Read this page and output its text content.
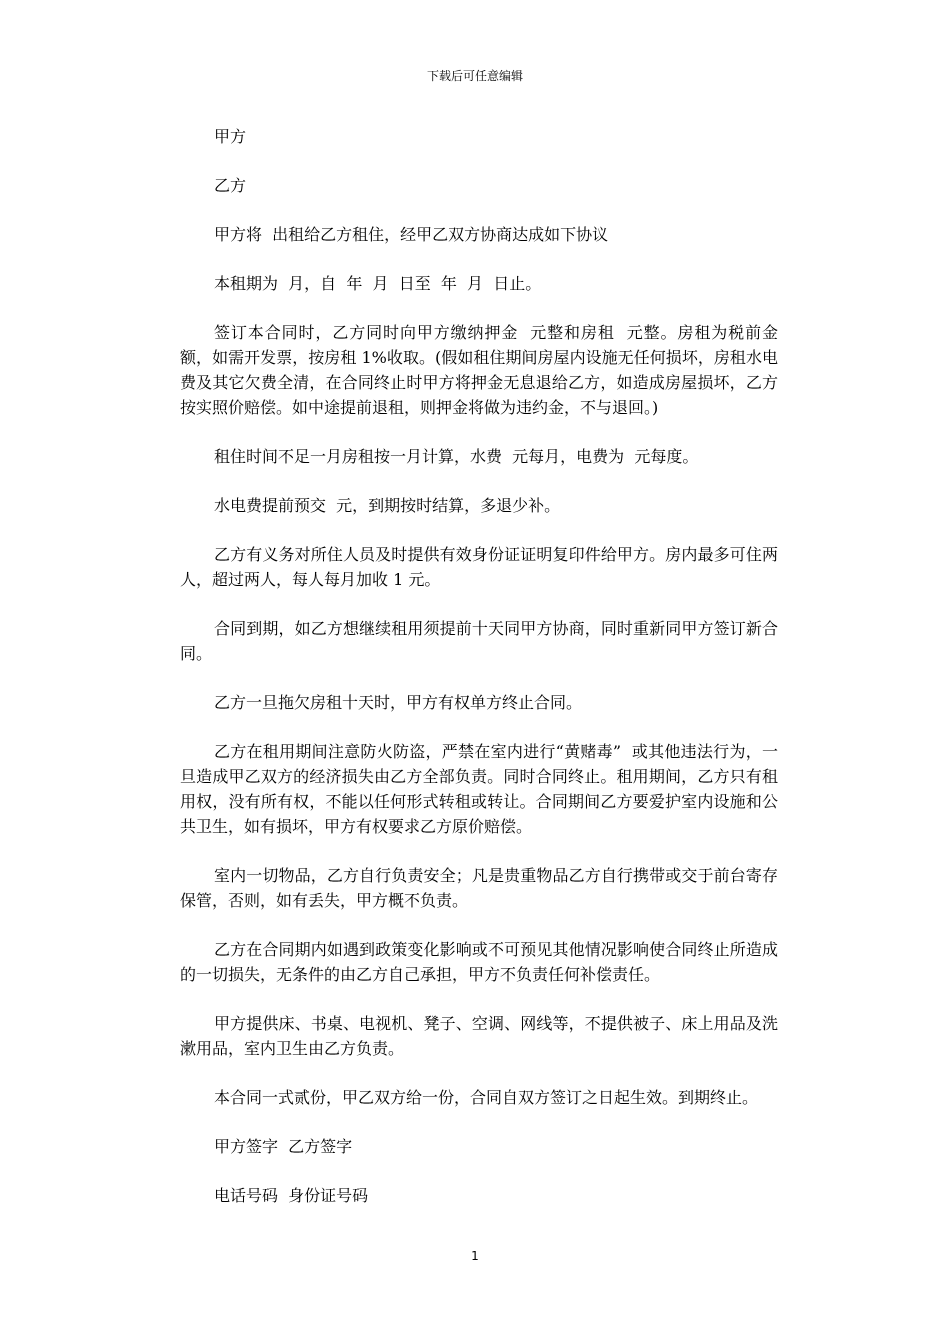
下载后可任意编辑

甲方

乙方

甲方将  出租给乙方租住，经甲乙双方协商达成如下协议

本租期为  月，自  年  月  日至  年  月  日止。

签订本合同时，乙方同时向甲方缴纳押金  元整和房租  元整。房租为税前金额，如需开发票，按房租 1%收取。(假如租住期间房屋内设施无任何损坏，房租水电费及其它欠费全清，在合同终止时甲方将押金无息退给乙方，如造成房屋损坏，乙方按实照价赔偿。如中途提前退租，则押金将做为违约金，不与退回。)

租住时间不足一月房租按一月计算，水费  元每月，电费为  元每度。

水电费提前预交  元，到期按时结算，多退少补。

乙方有义务对所住人员及时提供有效身份证证明复印件给甲方。房内最多可住两人，超过两人，每人每月加收 1 元。

合同到期，如乙方想继续租用须提前十天同甲方协商，同时重新同甲方签订新合同。

乙方一旦拖欠房租十天时，甲方有权单方终止合同。

乙方在租用期间注意防火防盗，严禁在室内进行“黄赌毒”  或其他违法行为，一旦造成甲乙双方的经济损失由乙方全部负责。同时合同终止。租用期间，乙方只有租用权，没有所有权，不能以任何形式转租或转让。合同期间乙方要爱护室内设施和公共卫生，如有损坏，甲方有权要求乙方原价赔偿。

室内一切物品，乙方自行负责安全；凡是贵重物品乙方自行携带或交于前台寄存保管，否则，如有丢失，甲方概不负责。

乙方在合同期内如遇到政策变化影响或不可预见其他情况影响使合同终止所造成的一切损失，无条件的由乙方自己承担，甲方不负责任何补偿责任。

甲方提供床、书桌、电视机、凳子、空调、网线等，不提供被子、床上用品及洗漱用品，室内卫生由乙方负责。

本合同一式贰份，甲乙双方给一份，合同自双方签订之日起生效。到期终止。

甲方签字  乙方签字

电话号码  身份证号码

1
